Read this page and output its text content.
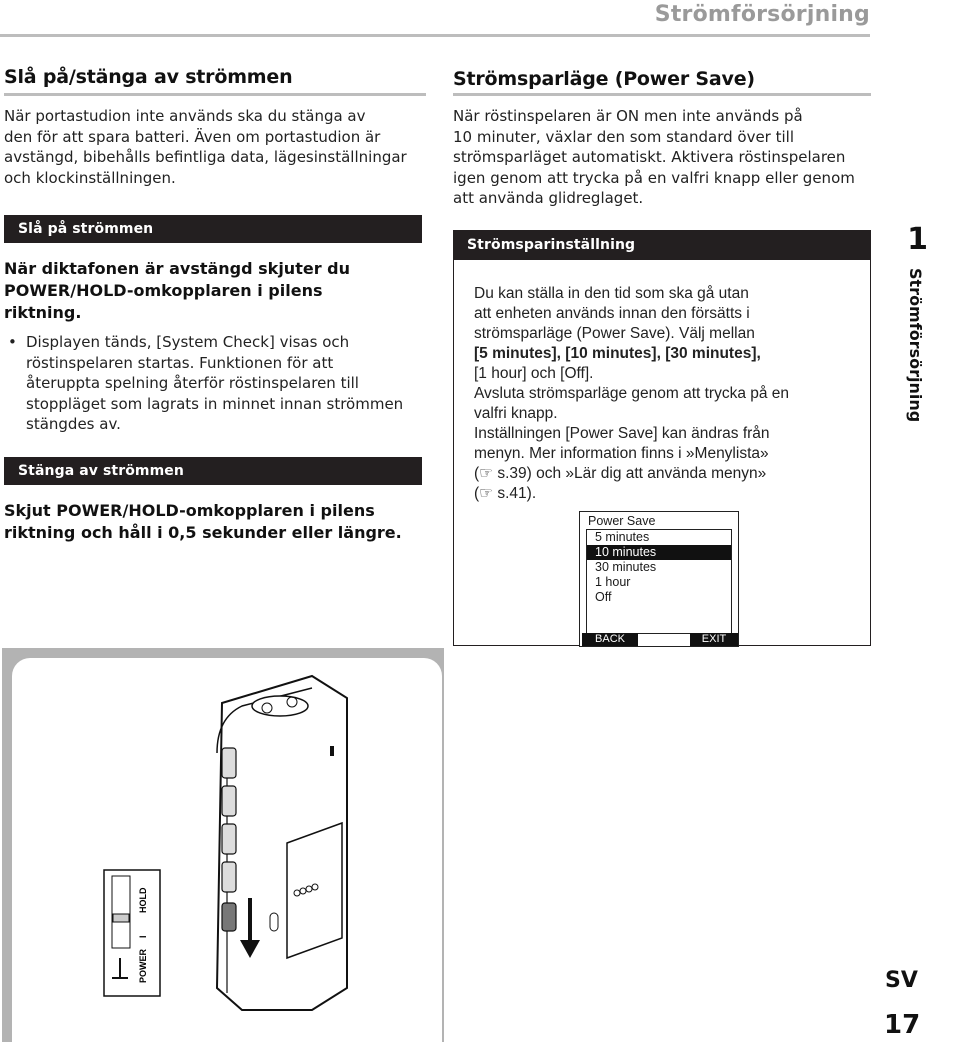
Strömförsörjning
Slå på/stänga av strömmen
När portastudion inte används ska du stänga av
den för att spara batteri. Även om portastudion är
avstängd, bibehålls befintliga data, lägesinställningar
och klockinställningen.
Slå på strömmen
När diktafonen är avstängd skjuter du
POWER/HOLD-omkopplaren i pilens
riktning.
• Displayen tänds, [System Check] visas och
röstinspelaren startas. Funktionen för att
återuppta spelning återför röstinspelaren till
stoppläget som lagrats in minnet innan strömmen
stängdes av.
Stänga av strömmen
Skjut POWER/HOLD-omkopplaren i pilens
riktning och håll i 0,5 sekunder eller längre.
•
Strömsparläge (Power Save)
När röstinspelaren är ON men inte används på
10 minuter, växlar den som standard över till
strömsparläget automatiskt. Aktivera röstinspelaren
igen genom att trycka på en valfri knapp eller genom
att använda glidreglaget.
Strömsparinställning
Du kan ställa in den tid som ska gå utan
att enheten används innan den försätts i
strömsparläge (Power Save). Välj mellan
[5 minutes], [10 minutes], [30 minutes],
[1 hour] och [Off].
Avsluta strömsparläge genom att trycka på en
valfri knapp.
Inställningen [Power Save] kan ändras från
menyn. Mer information finns i »Menylista»
(☞ s.39) och »Lär dig att använda menyn»
(☞ s.41).
Power Save
5 minutes
10 minutes
30 minutes
1 hour
Off
BACK	EXIT
1
Strömförsörjning
HOLD
I
POWER	SV
17
